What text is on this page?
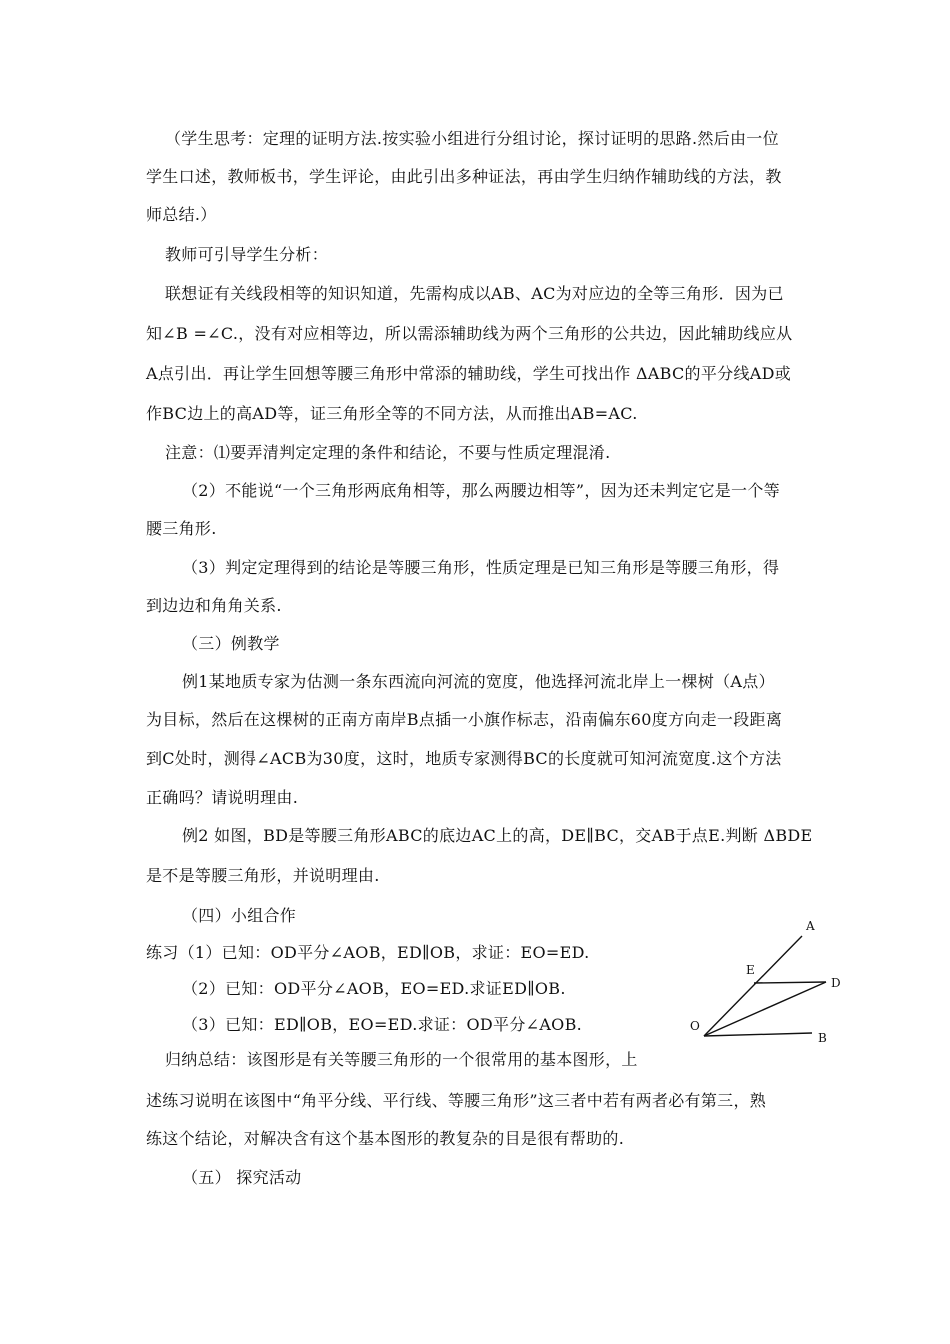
（学生思考：定理的证明方法.按实验小组进行分组讨论，探讨证明的思路.然后由一位
学生口述，教师板书，学生评论，由此引出多种证法，再由学生归纳作辅助线的方法，教
师总结.）
教师可引导学生分析：
联想证有关线段相等的知识知道，先需构成以AB、AC为对应边的全等三角形．因为已
知∠B =∠C.，没有对应相等边，所以需添辅助线为两个三角形的公共边，因此辅助线应从
A点引出．再让学生回想等腰三角形中常添的辅助线，学生可找出作 ΔABC的平分线AD或
作BC边上的高AD等，证三角形全等的不同方法，从而推出AB=AC.
注意：⑴要弄清判定定理的条件和结论，不要与性质定理混淆.
（2）不能说“一个三角形两底角相等，那么两腰边相等”，因为还未判定它是一个等
腰三角形.
（3）判定定理得到的结论是等腰三角形，性质定理是已知三角形是等腰三角形，得
到边边和角角关系.
（三）例教学
例1某地质专家为估测一条东西流向河流的宽度，他选择河流北岸上一棵树（A点）
为目标，然后在这棵树的正南方南岸B点插一小旗作标志，沿南偏东60度方向走一段距离
到C处时，测得∠ACB为30度，这时，地质专家测得BC的长度就可知河流宽度.这个方法
正确吗？请说明理由.
例2 如图，BD是等腰三角形ABC的底边AC上的高，DE∥BC，交AB于点E.判断 ΔBDE
是不是等腰三角形，并说明理由.
（四）小组合作
练习（1）已知：OD平分∠AOB，ED∥OB，求证：EO=ED.
（2）已知：OD平分∠AOB，EO=ED.求证ED∥OB.
（3）已知：ED∥OB，EO=ED.求证：OD平分∠AOB.
归纳总结：该图形是有关等腰三角形的一个很常用的基本图形，上
述练习说明在该图中“角平分线、平行线、等腰三角形”这三者中若有两者必有第三，熟
练这个结论，对解决含有这个基本图形的教复杂的目是很有帮助的.
（五） 探究活动
A
E
D
O
B
